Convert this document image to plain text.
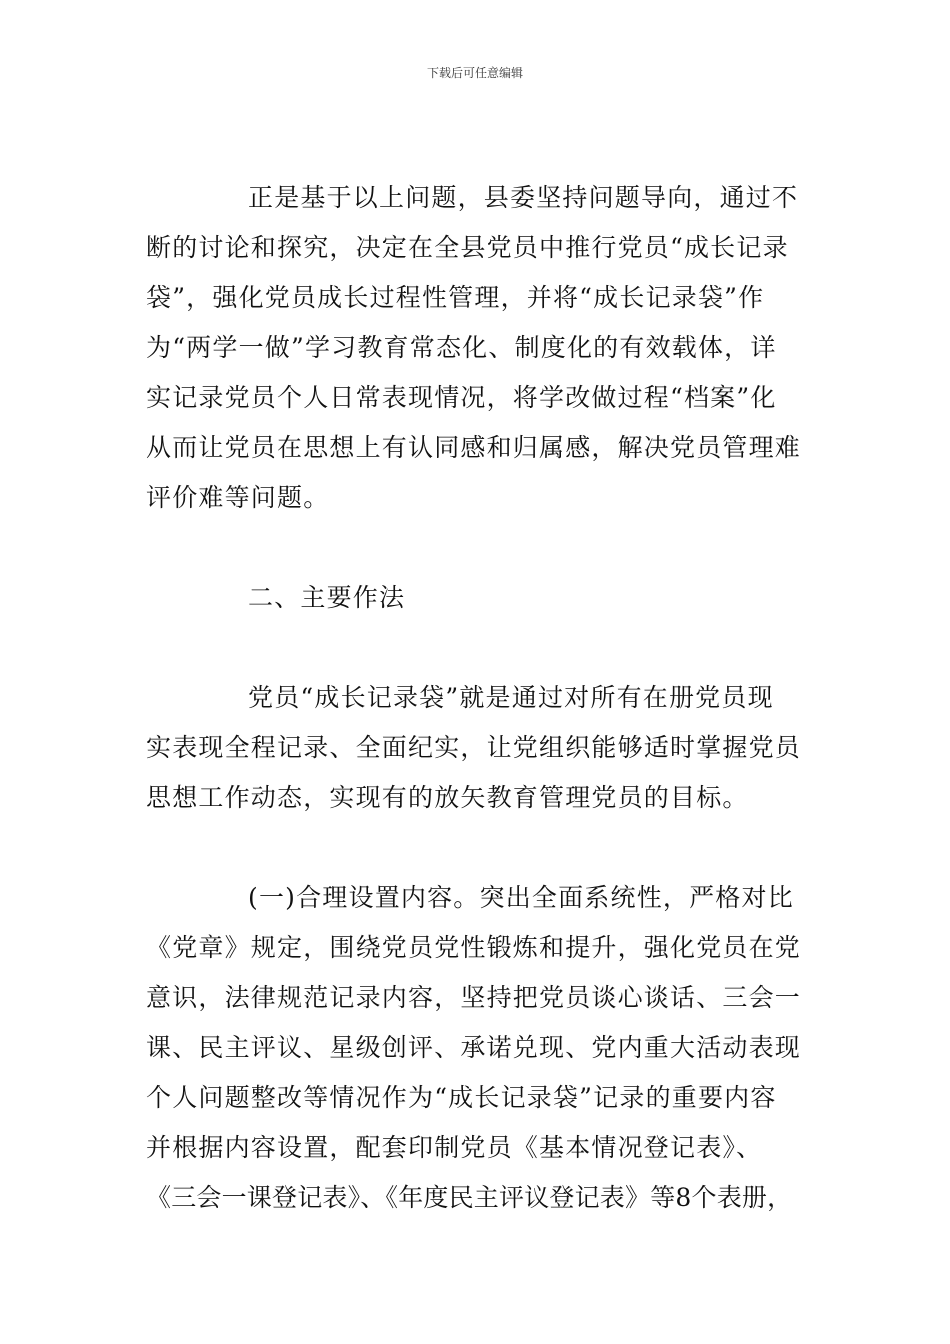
下载后可任意编辑
正是基于以上问题，县委坚持问题导向，通过不
断的讨论和探究，决定在全县党员中推行党员“成长记录
袋”，强化党员成长过程性管理，并将“成长记录袋”作
为“两学一做”学习教育常态化、制度化的有效载体，详
实记录党员个人日常表现情况，将学改做过程“档案”化
从而让党员在思想上有认同感和归属感，解决党员管理难
评价难等问题。
二、主要作法
党员“成长记录袋”就是通过对所有在册党员现
实表现全程记录、全面纪实，让党组织能够适时掌握党员
思想工作动态，实现有的放矢教育管理党员的目标。
(一)合理设置内容。突出全面系统性，严格对比
《党章》规定，围绕党员党性锻炼和提升，强化党员在党
意识，法律规范记录内容，坚持把党员谈心谈话、三会一
课、民主评议、星级创评、承诺兑现、党内重大活动表现
个人问题整改等情况作为“成长记录袋”记录的重要内容
并根据内容设置，配套印制党员《基本情况登记表》、
《三会一课登记表》、《年度民主评议登记表》等8个表册，
